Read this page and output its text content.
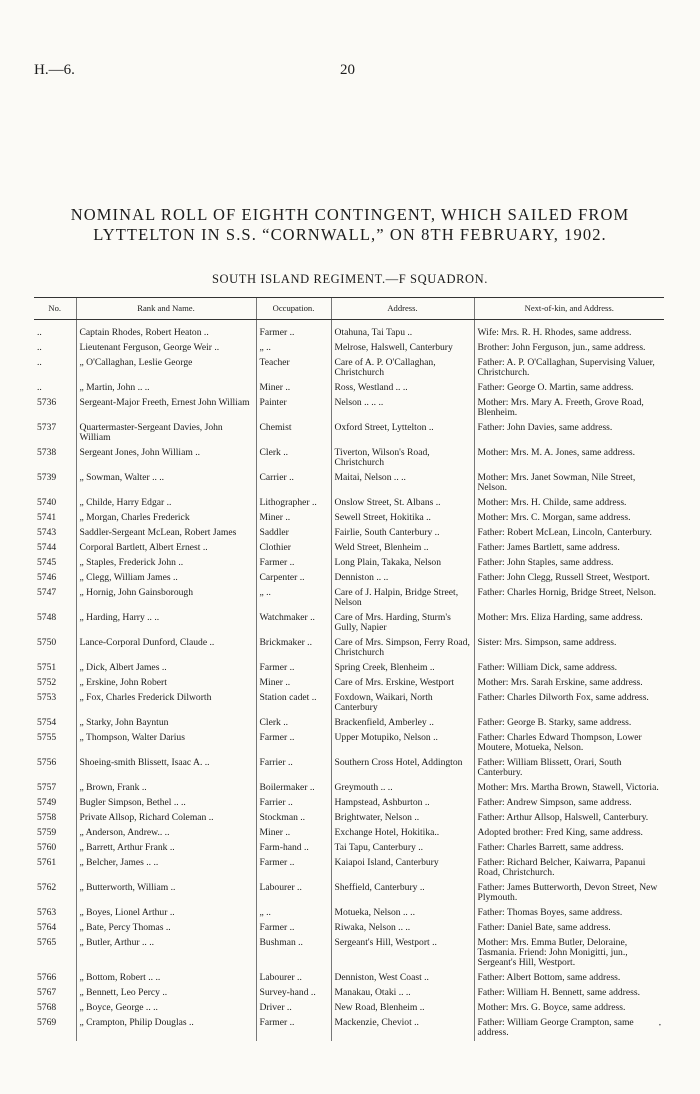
H.—6.	20
NOMINAL ROLL OF EIGHTH CONTINGENT, WHICH SAILED FROM LYTTELTON IN S.S. “CORNWALL,” ON 8TH FEBRUARY, 1902.
SOUTH ISLAND REGIMENT.—F SQUADRON.
No.	Rank and Name.	Occupation.	Address.	Next-of-kin, and Address.
..	Captain Rhodes, Robert Heaton ..	Farmer ..	Otahuna, Tai Tapu ..	Wife: Mrs. R. H. Rhodes, same address.
..	Lieutenant Ferguson, George Weir ..	„ ..	Melrose, Halswell, Canterbury	Brother: John Ferguson, jun., same address.
..	„ O'Callaghan, Leslie George	Teacher	Care of A. P. O'Callaghan, Christchurch	Father: A. P. O'Callaghan, Supervising Valuer, Christchurch.
..	„ Martin, John .. ..	Miner ..	Ross, Westland .. ..	Father: George O. Martin, same address.
5736	Sergeant-Major Freeth, Ernest John William	Painter	Nelson .. .. ..	Mother: Mrs. Mary A. Freeth, Grove Road, Blenheim.
5737	Quartermaster-Sergeant Davies, John William	Chemist	Oxford Street, Lyttelton ..	Father: John Davies, same address.
5738	Sergeant Jones, John William ..	Clerk ..	Tiverton, Wilson's Road, Christchurch	Mother: Mrs. M. A. Jones, same address.
5739	„ Sowman, Walter .. ..	Carrier ..	Maitai, Nelson .. ..	Mother: Mrs. Janet Sowman, Nile Street, Nelson.
5740	„ Childe, Harry Edgar ..	Lithographer ..	Onslow Street, St. Albans ..	Mother: Mrs. H. Childe, same address.
5741	„ Morgan, Charles Frederick	Miner ..	Sewell Street, Hokitika ..	Mother: Mrs. C. Morgan, same address.
5743	Saddler-Sergeant McLean, Robert James	Saddler	Fairlie, South Canterbury ..	Father: Robert McLean, Lincoln, Canterbury.
5744	Corporal Bartlett, Albert Ernest ..	Clothier	Weld Street, Blenheim ..	Father: James Bartlett, same address.
5745	„ Staples, Frederick John ..	Farmer ..	Long Plain, Takaka, Nelson	Father: John Staples, same address.
5746	„ Clegg, William James ..	Carpenter ..	Denniston .. ..	Father: John Clegg, Russell Street, Westport.
5747	„ Hornig, John Gainsborough	„ ..	Care of J. Halpin, Bridge Street, Nelson	Father: Charles Hornig, Bridge Street, Nelson.
5748	„ Harding, Harry .. ..	Watchmaker ..	Care of Mrs. Harding, Sturm's Gully, Napier	Mother: Mrs. Eliza Harding, same address.
5750	Lance-Corporal Dunford, Claude ..	Brickmaker ..	Care of Mrs. Simpson, Ferry Road, Christchurch	Sister: Mrs. Simpson, same address.
5751	„ Dick, Albert James ..	Farmer ..	Spring Creek, Blenheim ..	Father: William Dick, same address.
5752	„ Erskine, John Robert	Miner ..	Care of Mrs. Erskine, Westport	Mother: Mrs. Sarah Erskine, same address.
5753	„ Fox, Charles Frederick Dilworth	Station cadet ..	Foxdown, Waikari, North Canterbury	Father: Charles Dilworth Fox, same address.
5754	„ Starky, John Bayntun	Clerk ..	Brackenfield, Amberley ..	Father: George B. Starky, same address.
5755	„ Thompson, Walter Darius	Farmer ..	Upper Motupiko, Nelson ..	Father: Charles Edward Thompson, Lower Moutere, Motueka, Nelson.
5756	Shoeing-smith Blissett, Isaac A. ..	Farrier ..	Southern Cross Hotel, Addington	Father: William Blissett, Orari, South Canterbury.
5757	„ Brown, Frank ..	Boilermaker ..	Greymouth .. ..	Mother: Mrs. Martha Brown, Stawell, Victoria.
5749	Bugler Simpson, Bethel .. ..	Farrier ..	Hampstead, Ashburton ..	Father: Andrew Simpson, same address.
5758	Private Allsop, Richard Coleman ..	Stockman ..	Brightwater, Nelson ..	Father: Arthur Allsop, Halswell, Canterbury.
5759	„ Anderson, Andrew.. ..	Miner ..	Exchange Hotel, Hokitika..	Adopted brother: Fred King, same address.
5760	„ Barrett, Arthur Frank ..	Farm-hand ..	Tai Tapu, Canterbury ..	Father: Charles Barrett, same address.
5761	„ Belcher, James .. ..	Farmer ..	Kaiapoi Island, Canterbury	Father: Richard Belcher, Kaiwarra, Papanui Road, Christchurch.
5762	„ Butterworth, William ..	Labourer ..	Sheffield, Canterbury ..	Father: James Butterworth, Devon Street, New Plymouth.
5763	„ Boyes, Lionel Arthur ..	„ ..	Motueka, Nelson .. ..	Father: Thomas Boyes, same address.
5764	„ Bate, Percy Thomas ..	Farmer ..	Riwaka, Nelson .. ..	Father: Daniel Bate, same address.
5765	„ Butler, Arthur .. ..	Bushman ..	Sergeant's Hill, Westport ..	Mother: Mrs. Emma Butler, Deloraine, Tasmania. Friend: John Monigitti, jun., Sergeant's Hill, Westport.
5766	„ Bottom, Robert .. ..	Labourer ..	Denniston, West Coast ..	Father: Albert Bottom, same address.
5767	„ Bennett, Leo Percy ..	Survey-hand ..	Manakau, Otaki .. ..	Father: William H. Bennett, same address.
5768	„ Boyce, George .. ..	Driver ..	New Road, Blenheim ..	Mother: Mrs. G. Boyce, same address.
5769	„ Crampton, Philip Douglas ..	Farmer ..	Mackenzie, Cheviot ..	Father: William George Crampton, same address.
·
